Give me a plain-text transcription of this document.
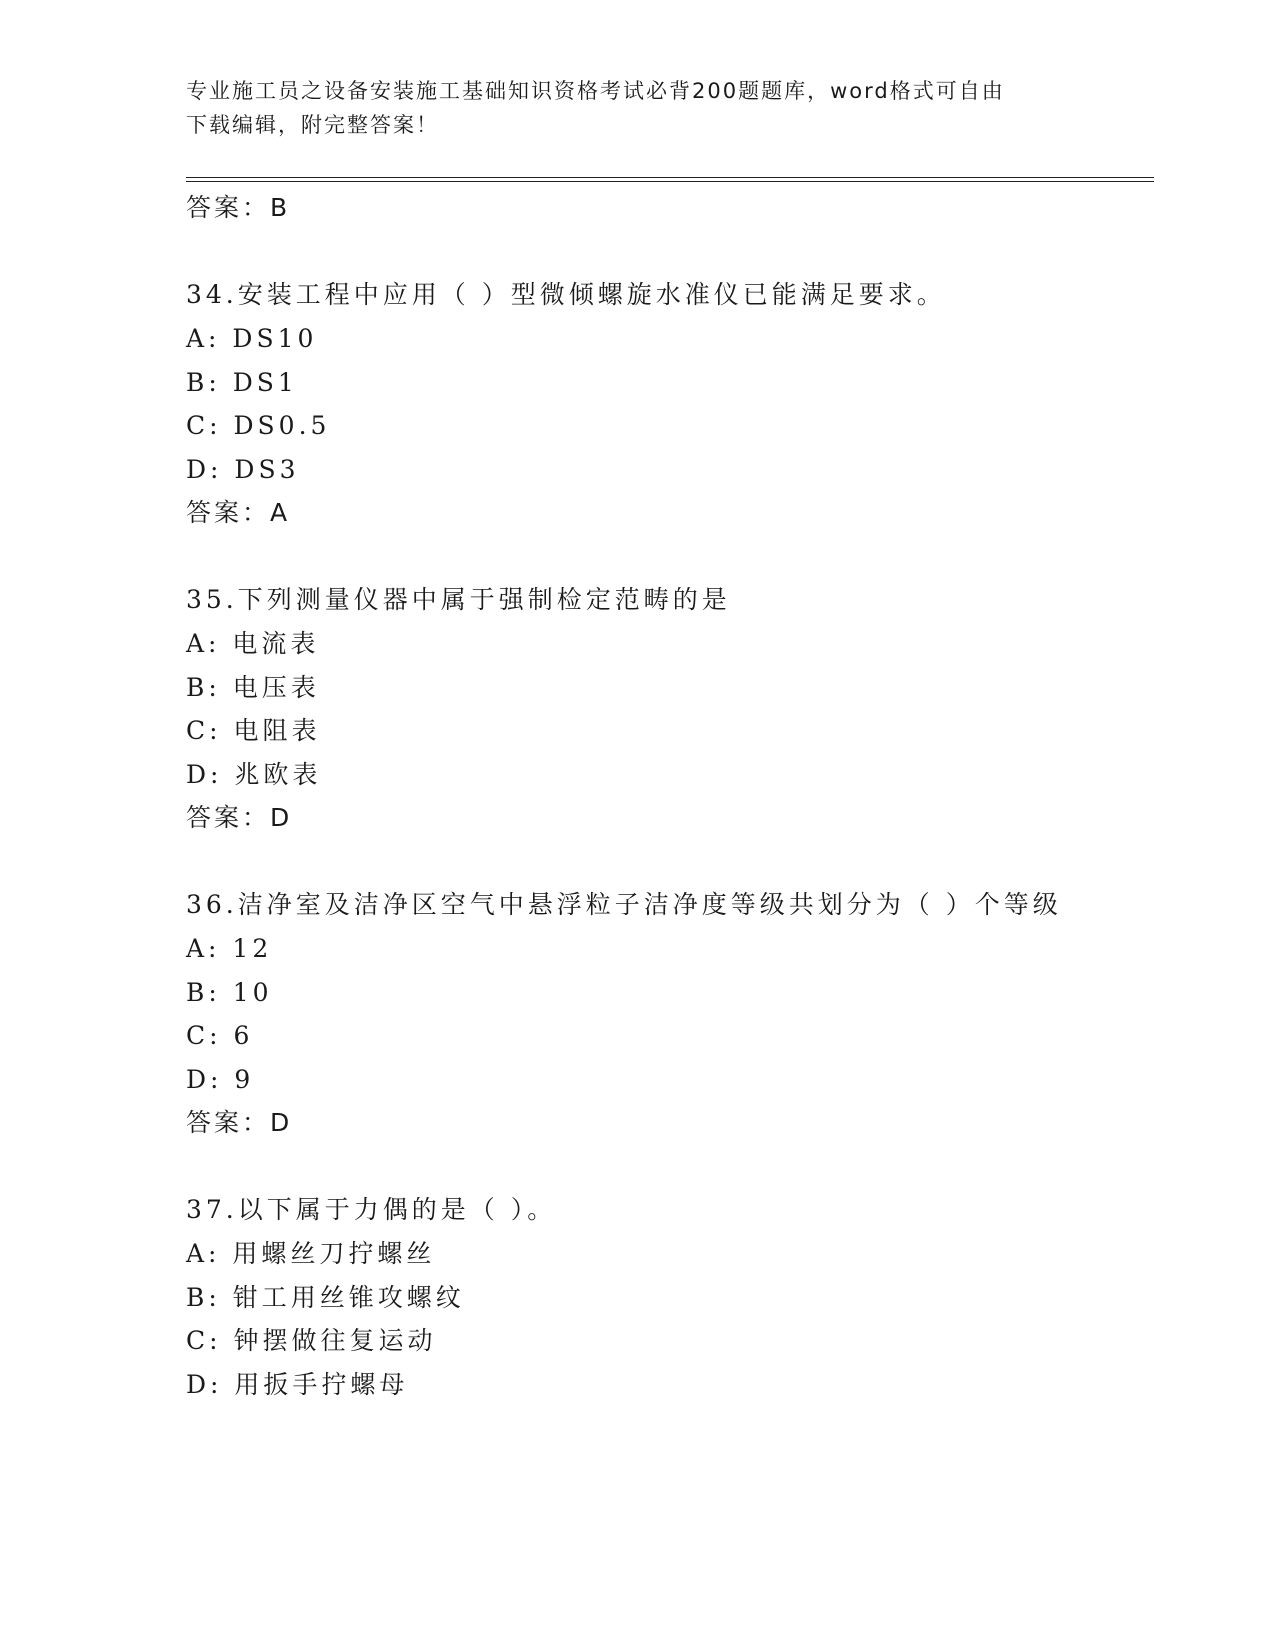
专业施工员之设备安装施工基础知识资格考试必背200题题库，word格式可自由
下载编辑，附完整答案！
答案：B
34.安装工程中应用（ ）型微倾螺旋水准仪已能满足要求。
A: DS10
B: DS1
C: DS0.5
D: DS3
答案：A
35.下列测量仪器中属于强制检定范畴的是
A: 电流表
B: 电压表
C: 电阻表
D: 兆欧表
答案：D
36.洁净室及洁净区空气中悬浮粒子洁净度等级共划分为（ ）个等级
A: 12
B: 10
C: 6
D: 9
答案：D
37.以下属于力偶的是（ ）。
A: 用螺丝刀拧螺丝
B: 钳工用丝锥攻螺纹
C: 钟摆做往复运动
D: 用扳手拧螺母
